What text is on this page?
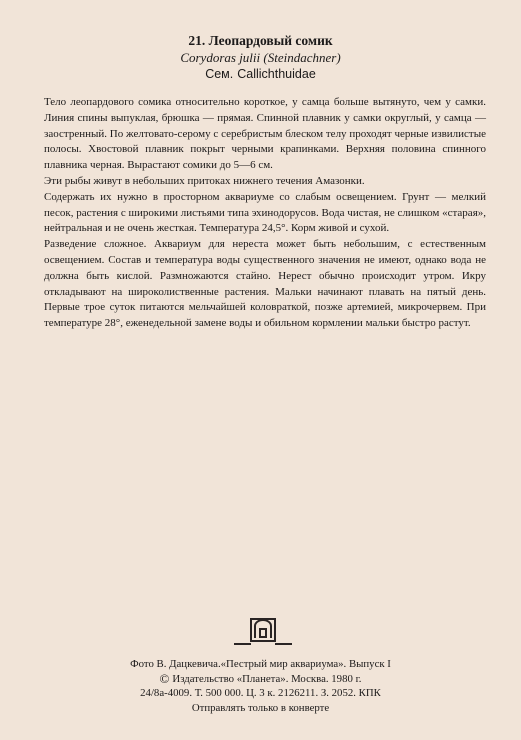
21. Леопардовый сомик
Corydoras julii (Steindachner)
Сем. Callichthuidae

Тело леопардового сомика относительно короткое, у самца больше вытянуто, чем у самки. Линия спины выпуклая, брюшка — прямая. Спинной плавник у самки округлый, у самца — заостренный. По желтовато-серому с серебристым блеском телу проходят черные извилистые полосы. Хвостовой плавник покрыт черными крапинками. Верхняя половина спинного плавника черная. Вырастают сомики до 5—6 см.

Эти рыбы живут в небольших притоках нижнего течения Амазонки.

Содержать их нужно в просторном аквариуме со слабым освещением. Грунт — мелкий песок, растения с широкими листьями типа эхинодорусов. Вода чистая, не слишком «старая», нейтральная и не очень жесткая. Температура 24,5°. Корм живой и сухой.

Разведение сложное. Аквариум для нереста может быть небольшим, с естественным освещением. Состав и температура воды существенного значения не имеют, однако вода не должна быть кислой. Размножаются стайно. Нерест обычно происходит утром. Икру откладывают на широколиственные растения. Мальки начинают плавать на пятый день. Первые трое суток питаются мельчайшей коловраткой, позже артемией, микрочервем. При температуре 28°, еженедельной замене воды и обильном кормлении мальки быстро растут.

Фото В. Дацкевича.«Пестрый мир аквариума». Выпуск I
© Издательство «Планета». Москва. 1980 г.
24/8а-4009. Т. 500 000. Ц. 3 к. 2126211. З. 2052. КПК
Отправлять только в конверте
